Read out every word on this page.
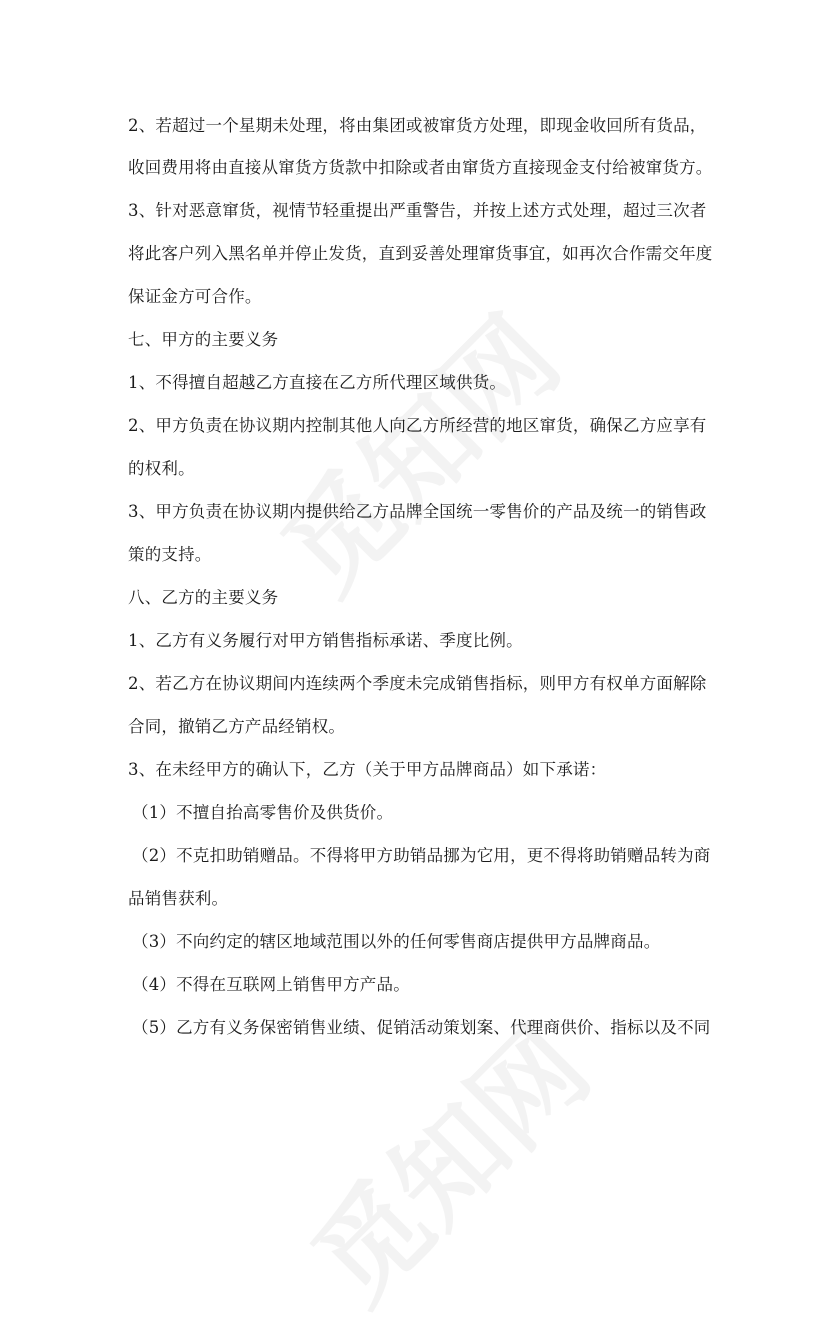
2、若超过一个星期未处理，将由集团或被窜货方处理，即现金收回所有货品，
收回费用将由直接从窜货方货款中扣除或者由窜货方直接现金支付给被窜货方。
3、针对恶意窜货，视情节轻重提出严重警告，并按上述方式处理，超过三次者
将此客户列入黑名单并停止发货，直到妥善处理窜货事宜，如再次合作需交年度
保证金方可合作。
七、甲方的主要义务
1、不得擅自超越乙方直接在乙方所代理区域供货。
2、甲方负责在协议期内控制其他人向乙方所经营的地区窜货，确保乙方应享有
的权利。
3、甲方负责在协议期内提供给乙方品牌全国统一零售价的产品及统一的销售政
策的支持。
八、乙方的主要义务
1、乙方有义务履行对甲方销售指标承诺、季度比例。
2、若乙方在协议期间内连续两个季度未完成销售指标，则甲方有权单方面解除
合同，撤销乙方产品经销权。
3、在未经甲方的确认下，乙方（关于甲方品牌商品）如下承诺：
（1）不擅自抬高零售价及供货价。
（2）不克扣助销赠品。不得将甲方助销品挪为它用，更不得将助销赠品转为商
品销售获利。
（3）不向约定的辖区地域范围以外的任何零售商店提供甲方品牌商品。
（4）不得在互联网上销售甲方产品。
（5）乙方有义务保密销售业绩、促销活动策划案、代理商供价、指标以及不同
